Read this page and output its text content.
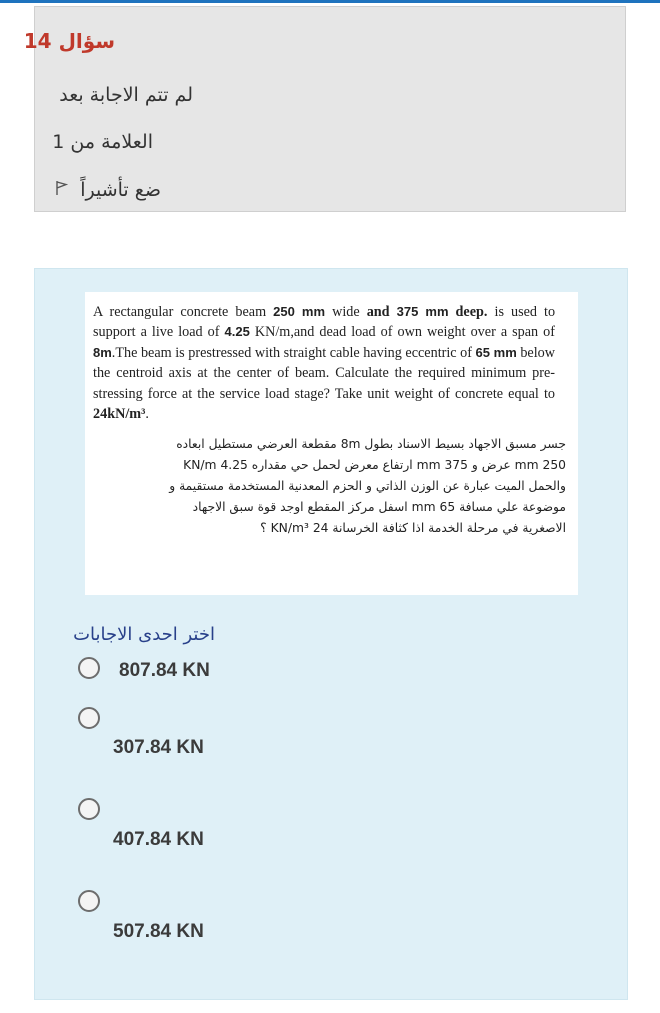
سؤال 14
لم تتم الاجابة بعد
العلامة من 1
ضع تأشيراً
A rectangular concrete beam 250 mm wide and 375 mm deep. is used to support a live load of 4.25 KN/m,and dead load of own weight over a span of 8m.The beam is prestressed with straight cable having eccentric of 65 mm below the centroid axis at the center of beam. Calculate the required minimum pre-stressing force at the service load stage? Take unit weight of concrete equal to 24kN/m³.
جسر مسبق الاجهاد بسيط الاسناد بطول 8m مقطعة العرضي مستطيل ابعاده
250 mm عرض و 375 mm ارتفاع معرض لحمل حي مقداره 4.25 KN/m
والحمل الميت عبارة عن الوزن الذاتي و الحزم المعدنية المستخدمة مستقيمة و
موضوعة علي مسافة 65 mm اسفل مركز المقطع اوجد قوة سبق الاجهاد
الاصغرية في مرحلة الخدمة اذا كثافة الخرسانة 24 KN/m³ ؟
اختر احدى الاجابات
807.84 KN
307.84 KN
407.84 KN
507.84 KN
